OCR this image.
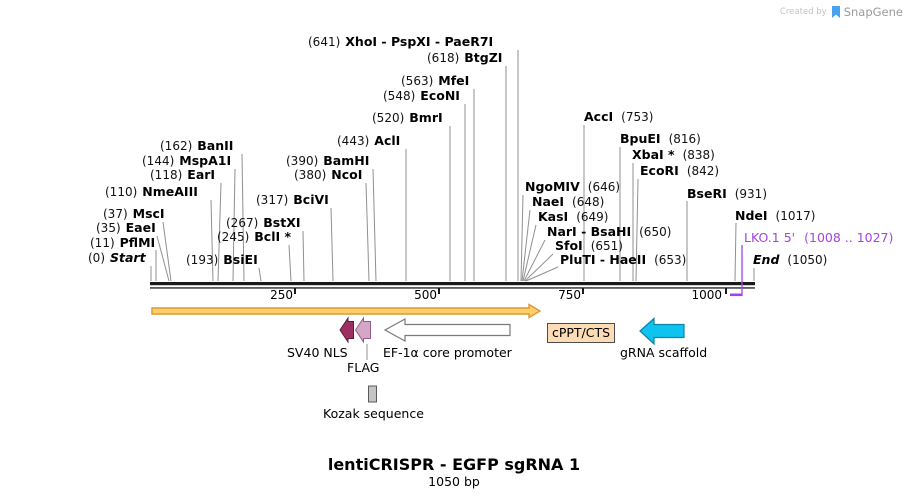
Created by SnapGene
(641) XhoI - PspXI - PaeR7I
(618) BtgZI
(563) MfeI
(548) EcoNI
(520) BmrI
(443) AclI
(162) BanII
(144) MspA1I
(118) EarI
(110) NmeAIII
(37) MscI
(35) EaeI
(11) PflMI
(193) BsiEI
(245) BclI *
(267) BstXI
(317) BciVI
(380) NcoI
(390) BamHI
NgoMIV (646)
NaeI (648)
KasI (649)
NarI - BsaHI (650)
SfoI (651)
PluTI - HaeII (653)
AccI (753)
BpuEI (816)
XbaI * (838)
EcoRI (842)
BseRI (931)
NdeI (1017)
(0) Start	End (1050)
LKO.1 5' (1008 .. 1027)
250	500	750	1000
SV40 NLS
FLAG
EF-1α core promoter
cPPT/CTS
gRNA scaffold
Kozak sequence
lentiCRISPR - EGFP sgRNA 1
1050 bp
